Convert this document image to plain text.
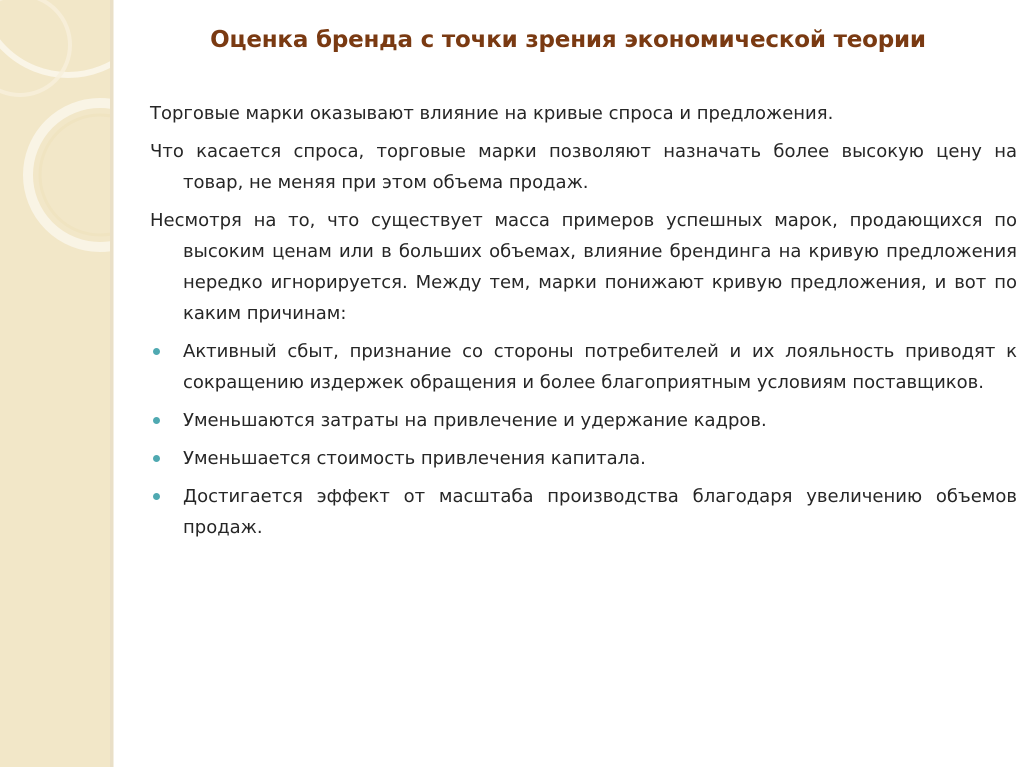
Оценка бренда с точки зрения экономической теории

Торговые марки оказывают влияние на кривые спроса и предложения.

Что касается спроса, торговые марки позволяют назначать более высокую цену на товар, не меняя при этом объема продаж.

Несмотря на то, что существует масса примеров успешных марок, продающихся по высоким ценам или в больших объемах, влияние брендинга на кривую предложения нередко игнорируется. Между тем, марки понижают кривую предложения, и вот по каким причинам:

Активный сбыт, признание со стороны потребителей и их лояльность приводят к сокращению издержек обращения и более благоприятным условиям поставщиков.
Уменьшаются затраты на привлечение и удержание кадров.
Уменьшается стоимость привлечения капитала.
Достигается эффект от масштаба производства благодаря увеличению объемов продаж.
